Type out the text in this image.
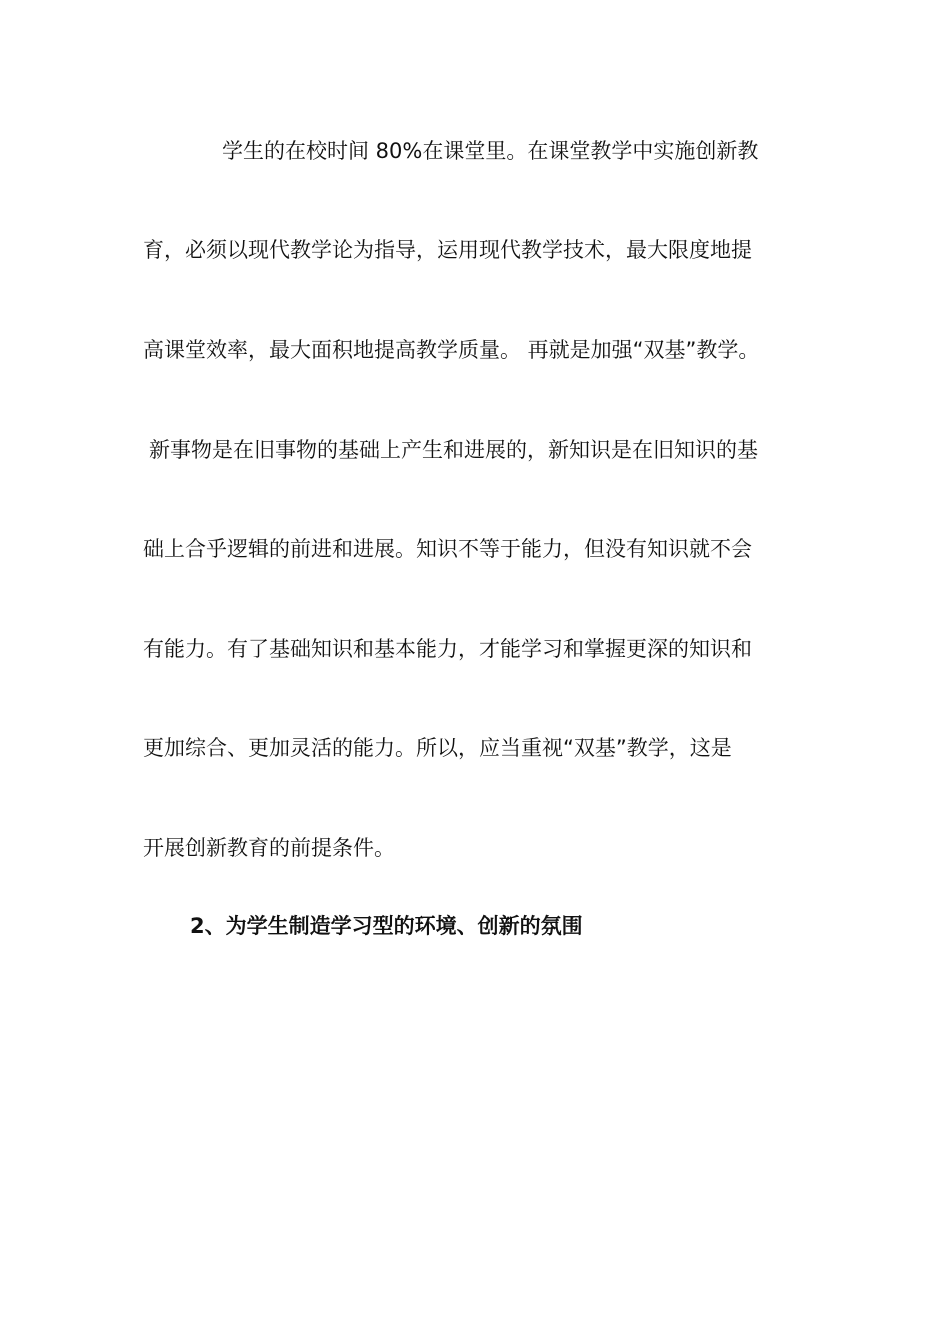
学生的在校时间 80%在课堂里。在课堂教学中实施创新教
育，必须以现代教学论为指导，运用现代教学技术，最大限度地提
高课堂效率，最大面积地提高教学质量。 再就是加强“双基”教学。
新事物是在旧事物的基础上产生和进展的，新知识是在旧知识的基
础上合乎逻辑的前进和进展。知识不等于能力，但没有知识就不会
有能力。有了基础知识和基本能力，才能学习和掌握更深的知识和
更加综合、更加灵活的能力。所以，应当重视“双基”教学，这是
开展创新教育的前提条件。
2、为学生制造学习型的环境、创新的氛围
